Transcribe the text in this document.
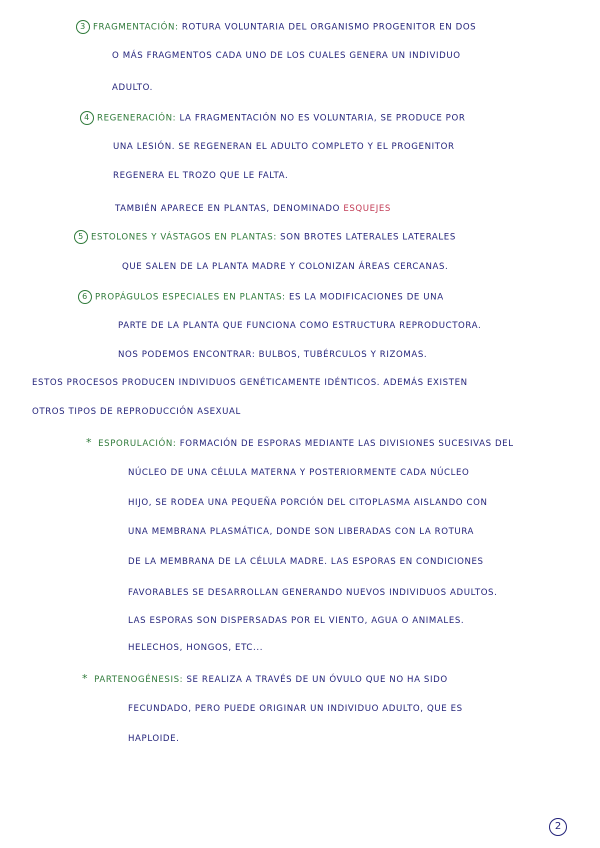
3 FRAGMENTACIÓN: ROTURA VOLUNTARIA DEL ORGANISMO PROGENITOR EN DOS
O MÁS FRAGMENTOS CADA UNO DE LOS CUALES GENERA UN INDIVIDUO
ADULTO.
4 REGENERACIÓN: LA FRAGMENTACIÓN NO ES VOLUNTARIA, SE PRODUCE POR
UNA LESIÓN. SE REGENERAN EL ADULTO COMPLETO Y EL PROGENITOR
REGENERA EL TROZO QUE LE FALTA.
TAMBIÉN APARECE EN PLANTAS, DENOMINADO ESQUEJES
5 ESTOLONES Y VÁSTAGOS EN PLANTAS: SON BROTES LATERALES LATERALES
QUE SALEN DE LA PLANTA MADRE Y COLONIZAN ÁREAS CERCANAS.
6 PROPÁGULOS ESPECIALES EN PLANTAS: ES LA MODIFICACIONES DE UNA
PARTE DE LA PLANTA QUE FUNCIONA COMO ESTRUCTURA REPRODUCTORA.
NOS PODEMOS ENCONTRAR: BULBOS, TUBÉRCULOS Y RIZOMAS.
ESTOS PROCESOS PRODUCEN INDIVIDUOS GENÉTICAMENTE IDÉNTICOS. ADEMÁS EXISTEN
OTROS TIPOS DE REPRODUCCIÓN ASEXUAL
* ESPORULACIÓN: FORMACIÓN DE ESPORAS MEDIANTE LAS DIVISIONES SUCESIVAS DEL
NÚCLEO DE UNA CÉLULA MATERNA Y POSTERIORMENTE CADA NÚCLEO
HIJO, SE RODEA UNA PEQUEÑA PORCIÓN DEL CITOPLASMA AISLANDO CON
UNA MEMBRANA PLASMÁTICA, DONDE SON LIBERADAS CON LA ROTURA
DE LA MEMBRANA DE LA CÉLULA MADRE. LAS ESPORAS EN CONDICIONES
FAVORABLES SE DESARROLLAN GENERANDO NUEVOS INDIVIDUOS ADULTOS.
LAS ESPORAS SON DISPERSADAS POR EL VIENTO, AGUA O ANIMALES.
HELECHOS, HONGOS, ETC...
* PARTENOGÉNESIS: SE REALIZA A TRAVÉS DE UN ÓVULO QUE NO HA SIDO
FECUNDADO, PERO PUEDE ORIGINAR UN INDIVIDUO ADULTO, QUE ES
HAPLOIDE.
2
